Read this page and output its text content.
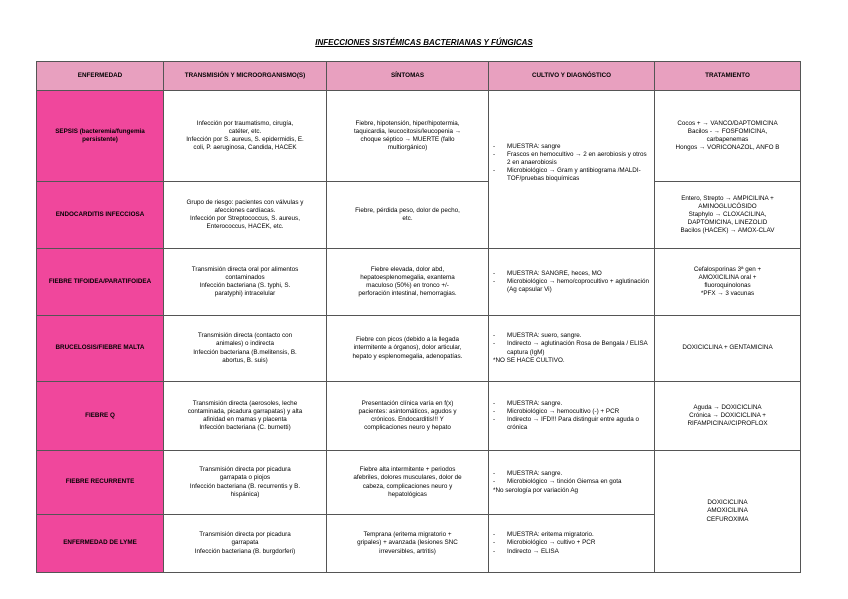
INFECCIONES SISTÉMICAS BACTERIANAS Y FÚNGICAS
ENFERMEDAD	TRANSMISIÓN Y MICROORGANISMO(S)	SÍNTOMAS	CULTIVO Y DIAGNÓSTICO	TRATAMIENTO
SEPSIS (bacteremia/fungemia persistente)	Infección por traumatismo, cirugía,
catéter, etc.
Infección por S. aureus, S. epidermidis, E.
coli, P. aeruginosa, Candida, HACEK	Fiebre, hipotensión, hiper/hipotermia,
taquicardia, leucocitosis/leucopenia →
choque séptico → MUERTE (fallo
multiorgánico)	- MUESTRA: sangre
- Frascos en hemocultivo → 2 en aerobiosis y otros 2 en anaerobiosis
- Microbiológico → Gram y antibiograma /MALDI-TOF/pruebas bioquímicas	Cocos + → VANCO/DAPTOMICINA
Bacilos - → FOSFOMICINA,
carbapenemas
Hongos → VORICONAZOL, ANFO B

ENDOCARDITIS INFECCIOSA	Grupo de riesgo: pacientes con válvulas y
afecciones cardíacas.
Infección por Streptococcus, S. aureus,
Enterococcus, HACEK, etc.	Fiebre, pérdida peso, dolor de pecho,
etc.		Entero, Strepto → AMPICILINA +
AMINOGLUCÓSIDO
Staphylo → CLOXACILINA,
DAPTOMICINA, LINEZOLID
Bacilos (HACEK) → AMOX-CLAV

FIEBRE TIFOIDEA/PARATIFOIDEA	Transmisión directa oral por alimentos
contaminados
Infección bacteriana (S. typhi, S.
paratyphi) intracelular	Fiebre elevada, dolor abd,
hepatoesplenomegalia, exantema
maculoso (50%) en tronco +/-
perforación intestinal, hemorragias.	- MUESTRA: SANGRE, heces, MO
- Microbiológico → hemo/coprocultivo + aglutinación (Ag capsular Vi)	Cefalosporinas 3ª gen +
AMOXICILINA oral +
fluoroquinolonas
*PFX → 3 vacunas

BRUCELOSIS/FIEBRE MALTA	Transmisión directa (contacto con
animales) o indirecta
Infección bacteriana (B.melitensis, B.
abortus, B. suis)	Fiebre con picos (debido a la llegada
intermitente a órganos), dolor articular,
hepato y esplenomegalia, adenopatías.	- MUESTRA: suero, sangre.
- Indirecto → aglutinación Rosa de Bengala / ELISA captura (IgM)
*NO SE HACE CULTIVO.	DOXICICLINA + GENTAMICINA
FIEBRE Q	Transmisión directa (aerosoles, leche
contaminada, picadura garrapatas) y alta
afinidad en mamas y placenta
Infección bacteriana (C. burnetti)	Presentación clínica varía en f(x)
pacientes: asintomáticos, agudos y
crónicos. Endocarditis!!! Y
complicaciones neuro y hepato	- MUESTRA: sangre.
- Microbiológico → hemocultivo (-) + PCR
- Indirecto → IFD!!! Para distinguir entre aguda o crónica	Aguda → DOXICICLINA
Crónica → DOXICICLINA +
RIFAMPICINA//CIPROFLOX

FIEBRE RECURRENTE	Transmisión directa por picadura
garrapata o piojos
Infección bacteriana (B. recurrentis y B.
hispánica)	Fiebre alta intermitente + periodos
afebriles, dolores musculares, dolor de
cabeza, complicaciones neuro y
hepatológicas	- MUESTRA: sangre.
- Microbiológico → tinción Giemsa en gota
*No serología por variación Ag	DOXICICLINA
AMOXICILINA
CEFUROXIMA

ENFERMEDAD DE LYME	Transmisión directa por picadura
garrapata
Infección bacteriana (B. burgdorferi)	Temprana (eritema migratorio +
gripales) + avanzada (lesiones SNC
irreversibles, artritis)	- MUESTRA: eritema migratorio.
- Microbiológico → cultivo + PCR
- Indirecto → ELISA
